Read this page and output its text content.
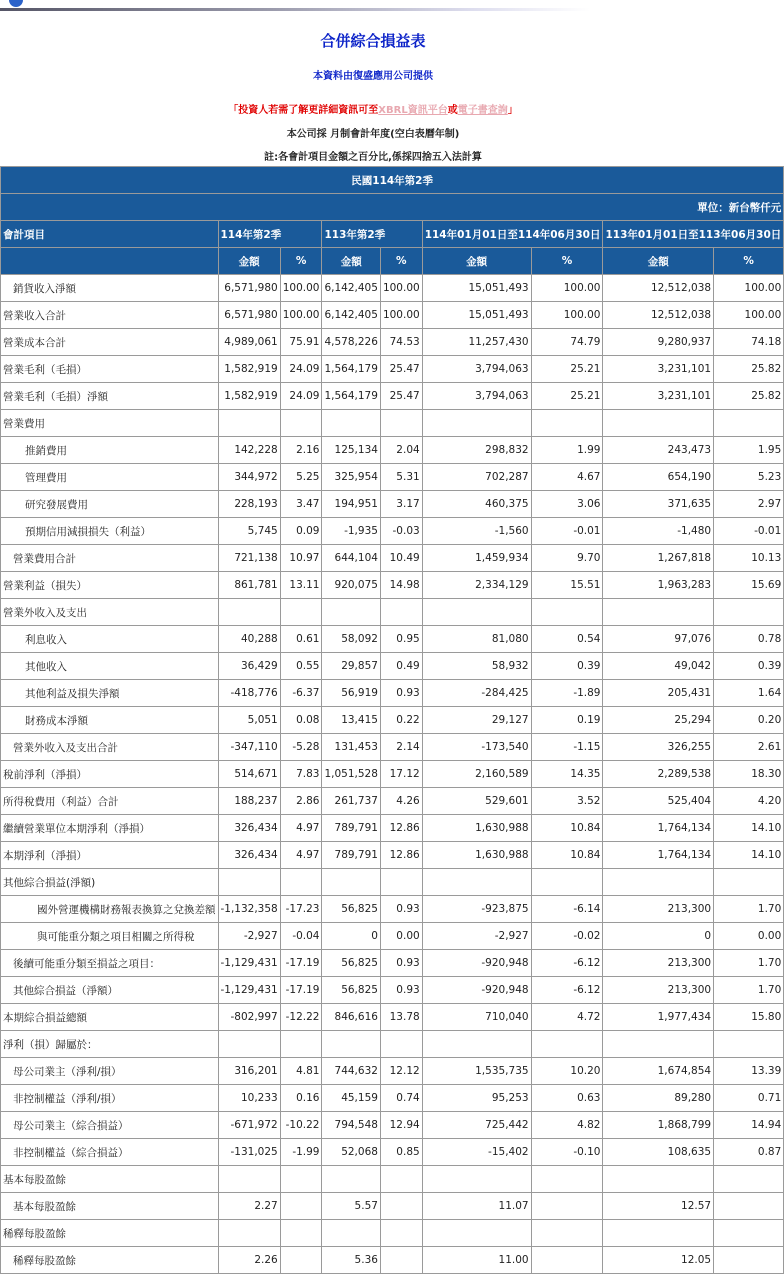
合併綜合損益表
本資料由復盛應用公司提供
「投資人若需了解更詳細資訊可至XBRL資訊平台或電子書查詢」
本公司採 月制會計年度(空白表曆年制)
註:各會計項目金額之百分比,係採四捨五入法計算
民國114年第2季								
單位：新台幣仟元								
會計項目	114年第2季		113年第2季		114年01月01日至114年06月30日		113年01月01日至113年06月30日	
	金額	%	金額	%	金額	%	金額	%
銷貨收入淨額	6,571,980	100.00	6,142,405	100.00	15,051,493	100.00	12,512,038	100.00
營業收入合計	6,571,980	100.00	6,142,405	100.00	15,051,493	100.00	12,512,038	100.00
營業成本合計	4,989,061	75.91	4,578,226	74.53	11,257,430	74.79	9,280,937	74.18
營業毛利（毛損）	1,582,919	24.09	1,564,179	25.47	3,794,063	25.21	3,231,101	25.82
營業毛利（毛損）淨額	1,582,919	24.09	1,564,179	25.47	3,794,063	25.21	3,231,101	25.82
營業費用								
推銷費用	142,228	2.16	125,134	2.04	298,832	1.99	243,473	1.95
管理費用	344,972	5.25	325,954	5.31	702,287	4.67	654,190	5.23
研究發展費用	228,193	3.47	194,951	3.17	460,375	3.06	371,635	2.97
預期信用減損損失（利益）	5,745	0.09	-1,935	-0.03	-1,560	-0.01	-1,480	-0.01
營業費用合計	721,138	10.97	644,104	10.49	1,459,934	9.70	1,267,818	10.13
營業利益（損失）	861,781	13.11	920,075	14.98	2,334,129	15.51	1,963,283	15.69
營業外收入及支出								
利息收入	40,288	0.61	58,092	0.95	81,080	0.54	97,076	0.78
其他收入	36,429	0.55	29,857	0.49	58,932	0.39	49,042	0.39
其他利益及損失淨額	-418,776	-6.37	56,919	0.93	-284,425	-1.89	205,431	1.64
財務成本淨額	5,051	0.08	13,415	0.22	29,127	0.19	25,294	0.20
營業外收入及支出合計	-347,110	-5.28	131,453	2.14	-173,540	-1.15	326,255	2.61
稅前淨利（淨損）	514,671	7.83	1,051,528	17.12	2,160,589	14.35	2,289,538	18.30
所得稅費用（利益）合計	188,237	2.86	261,737	4.26	529,601	3.52	525,404	4.20
繼續營業單位本期淨利（淨損）	326,434	4.97	789,791	12.86	1,630,988	10.84	1,764,134	14.10
本期淨利（淨損）	326,434	4.97	789,791	12.86	1,630,988	10.84	1,764,134	14.10
其他綜合損益(淨額)								
國外營運機構財務報表換算之兌換差額	-1,132,358	-17.23	56,825	0.93	-923,875	-6.14	213,300	1.70
與可能重分類之項目相關之所得稅	-2,927	-0.04	0	0.00	-2,927	-0.02	0	0.00
後續可能重分類至損益之項目：	-1,129,431	-17.19	56,825	0.93	-920,948	-6.12	213,300	1.70
其他綜合損益（淨額）	-1,129,431	-17.19	56,825	0.93	-920,948	-6.12	213,300	1.70
本期綜合損益總額	-802,997	-12.22	846,616	13.78	710,040	4.72	1,977,434	15.80
淨利（損）歸屬於：								
母公司業主（淨利∕損）	316,201	4.81	744,632	12.12	1,535,735	10.20	1,674,854	13.39
非控制權益（淨利∕損）	10,233	0.16	45,159	0.74	95,253	0.63	89,280	0.71
母公司業主（綜合損益）	-671,972	-10.22	794,548	12.94	725,442	4.82	1,868,799	14.94
非控制權益（綜合損益）	-131,025	-1.99	52,068	0.85	-15,402	-0.10	108,635	0.87
基本每股盈餘								
基本每股盈餘	2.27		5.57		11.07		12.57	
稀釋每股盈餘								
稀釋每股盈餘	2.26		5.36		11.00		12.05	
